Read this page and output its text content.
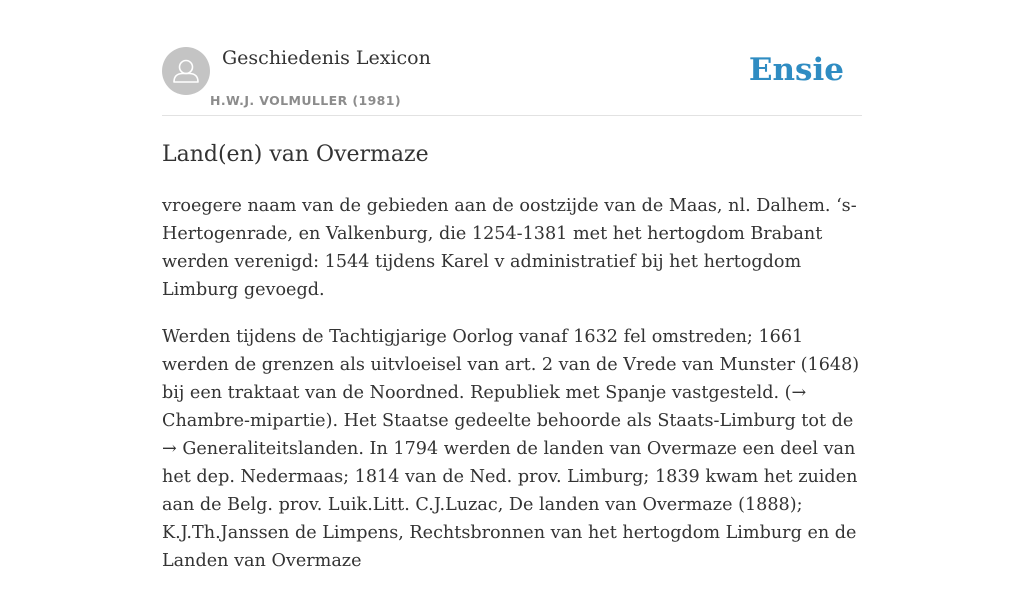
Geschiedenis Lexicon
H.W.J. VOLMULLER (1981)
Ensie
Land(en) van Overmaze

vroegere naam van de gebieden aan de oostzijde van de Maas, nl. Dalhem. ‘s-Hertogenrade, en Valkenburg, die 1254-1381 met het hertogdom Brabant werden verenigd: 1544 tijdens Karel v administratief bij het hertogdom Limburg gevoegd.

Werden tijdens de Tachtigjarige Oorlog vanaf 1632 fel omstreden; 1661 werden de grenzen als uitvloeisel van art. 2 van de Vrede van Munster (1648) bij een traktaat van de Noordned. Republiek met Spanje vastgesteld. (→ Chambre-mipartie). Het Staatse gedeelte behoorde als Staats-Limburg tot de → Generaliteitslanden. In 1794 werden de landen van Overmaze een deel van het dep. Nedermaas; 1814 van de Ned. prov. Limburg; 1839 kwam het zuiden aan de Belg. prov. Luik.Litt. C.J.Luzac, De landen van Overmaze (1888); K.J.Th.Janssen de Limpens, Rechtsbronnen van het hertogdom Limburg en de Landen van Overmaze
